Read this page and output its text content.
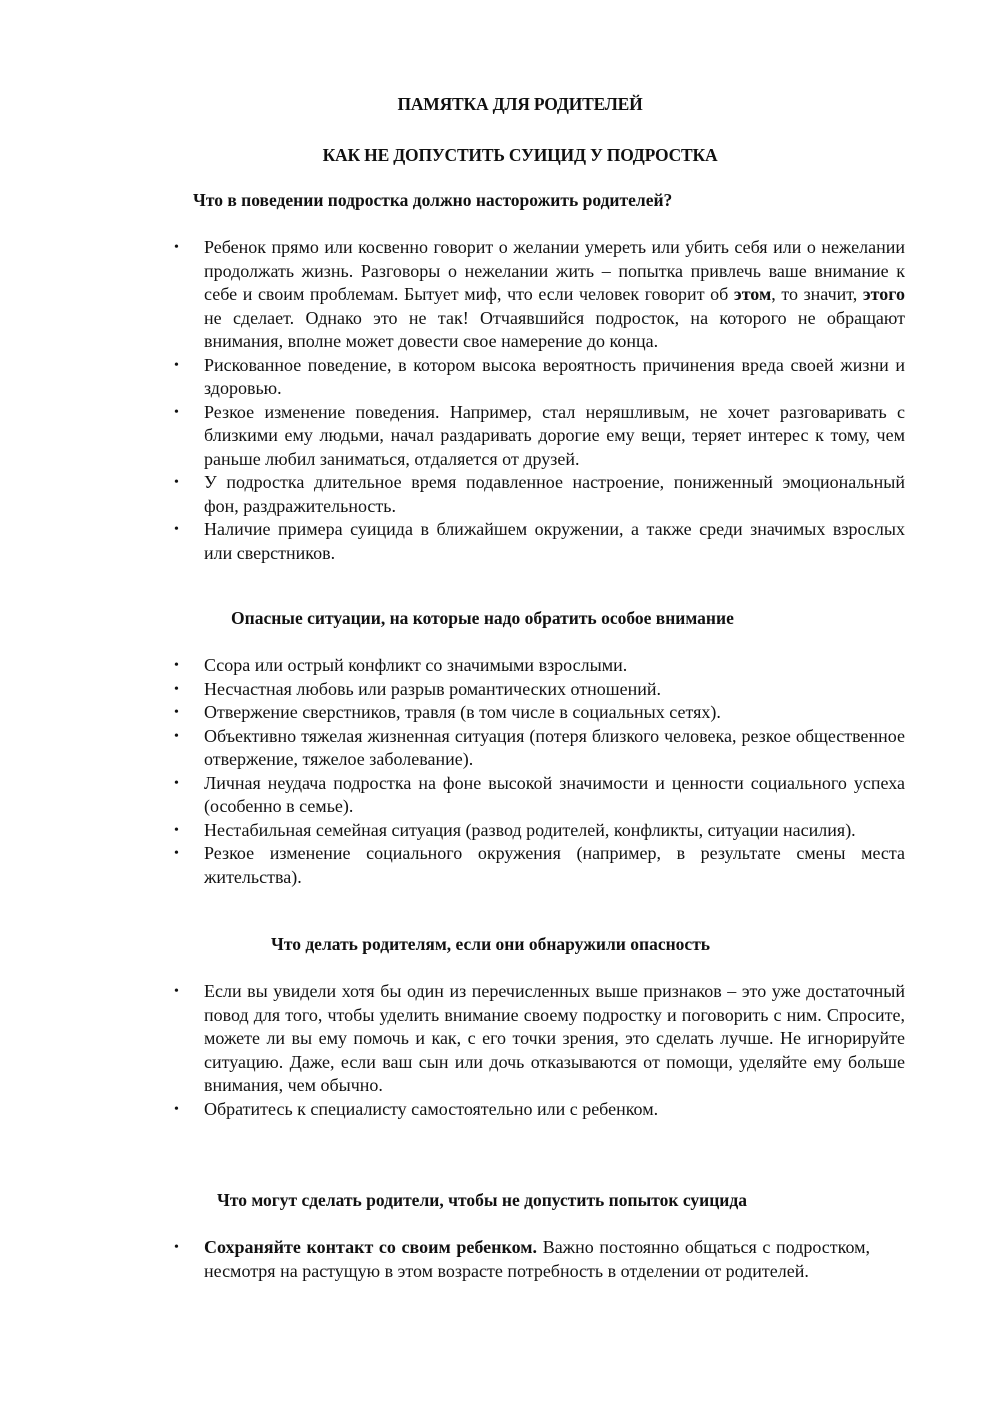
ПАМЯТКА ДЛЯ РОДИТЕЛЕЙ
КАК НЕ ДОПУСТИТЬ СУИЦИД У ПОДРОСТКА
Что в поведении подростка должно насторожить родителей?
• Ребенок прямо или косвенно говорит о желании умереть или убить себя или о нежелании продолжать жизнь. Разговоры о нежелании жить – попытка привлечь ваше внимание к себе и своим проблемам. Бытует миф, что если человек говорит об этом, то значит, этого не сделает. Однако это не так! Отчаявшийся подросток, на которого не обращают внимания, вполне может довести свое намерение до конца.
• Рискованное поведение, в котором высока вероятность причинения вреда своей жизни и здоровью.
• Резкое изменение поведения. Например, стал неряшливым, не хочет разговаривать с близкими ему людьми, начал раздаривать дорогие ему вещи, теряет интерес к тому, чем раньше любил заниматься, отдаляется от друзей.
• У подростка длительное время подавленное настроение, пониженный эмоциональный фон, раздражительность.
• Наличие примера суицида в ближайшем окружении, а также среди значимых взрослых или сверстников.
Опасные ситуации, на которые надо обратить особое внимание
• Ссора или острый конфликт со значимыми взрослыми.
• Несчастная любовь или разрыв романтических отношений.
• Отвержение сверстников, травля (в том числе в социальных сетях).
• Объективно тяжелая жизненная ситуация (потеря близкого человека, резкое общественное отвержение, тяжелое заболевание).
• Личная неудача подростка на фоне высокой значимости и ценности социального успеха (особенно в семье).
• Нестабильная семейная ситуация (развод родителей, конфликты, ситуации насилия).
• Резкое изменение социального окружения (например, в результате смены места жительства).
Что делать родителям, если они обнаружили опасность
• Если вы увидели хотя бы один из перечисленных выше признаков – это уже достаточный повод для того, чтобы уделить внимание своему подростку и поговорить с ним. Спросите, можете ли вы ему помочь и как, с его точки зрения, это сделать лучше. Не игнорируйте ситуацию. Даже, если ваш сын или дочь отказываются от помощи, уделяйте ему больше внимания, чем обычно.
• Обратитесь к специалисту самостоятельно или с ребенком.
Что могут сделать родители, чтобы не допустить попыток суицида
• Сохраняйте контакт со своим ребенком. Важно постоянно общаться с подростком, несмотря на растущую в этом возрасте потребность в отделении от родителей.
